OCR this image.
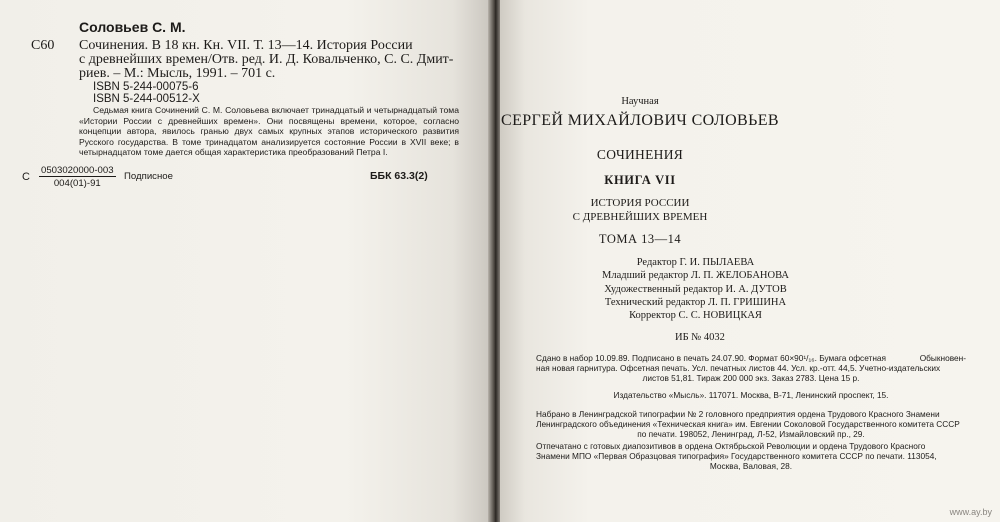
Соловьев С. М.
С60 Сочинения. В 18 кн. Кн. VII. Т. 13—14. История России
с древнейших времен/Отв. ред. И. Д. Ковальченко, С. С. Дмит-
риев. – М.: Мысль, 1991. – 701 с.
ISBN 5-244-00075-6
ISBN 5-244-00512-X
Седьмая книга Сочинений С. М. Соловьева включает тринадцатый и четырнадцатый тома «Истории России с древнейших времен». Они посвящены времени, которое, согласно концепции автора, явилось гранью двух самых крупных этапов исторического развития Русского государства. В томе тринадцатом анализируется состояние России в XVII веке; в четырнадцатом томе дается общая характеристика преобразований Петра I.
С $\frac{0503020000-003}{004(01)-91}$ Подписное	ББК 63.3(2)
Научная
СЕРГЕЙ МИХАЙЛОВИЧ СОЛОВЬЕВ
СОЧИНЕНИЯ
КНИГА VII
ИСТОРИЯ РОССИИ
С ДРЕВНЕЙШИХ ВРЕМЕН
ТОМА 13—14
Редактор Г. И. ПЫЛАЕВА
Младший редактор Л. П. ЖЕЛОБАНОВА
Художественный редактор И. А. ДУТОВ
Технический редактор Л. П. ГРИШИНА
Корректор С. С. НОВИЦКАЯ
ИБ № 4032
Сдано в набор 10.09.89. Подписано в печать 24.07.90. Формат 60×90¹/₁₆. Бумага офсетная	Обыкновен-
ная новая гарнитура. Офсетная печать. Усл. печатных листов 44. Усл. кр.-отт. 44,5. Учетно-издательских
листов 51,81. Тираж 200 000 экз. Заказ 2783. Цена 15 р.
Издательство «Мысль». 117071. Москва, В-71, Ленинский проспект, 15.
Набрано в Ленинградской типографии № 2 головного предприятия ордена Трудового Красного Знамени
Ленинградского объединения «Техническая книга» им. Евгении Соколовой Государственного комитета СССР
по печати. 198052, Ленинград, Л-52, Измайловский пр., 29.
Отпечатано с готовых диапозитивов в ордена Октябрьской Революции и ордена Трудового Красного
Знамени МПО «Первая Образцовая типография» Государственного комитета СССР по печати. 113054,
Москва, Валовая, 28.
www.ay.by
